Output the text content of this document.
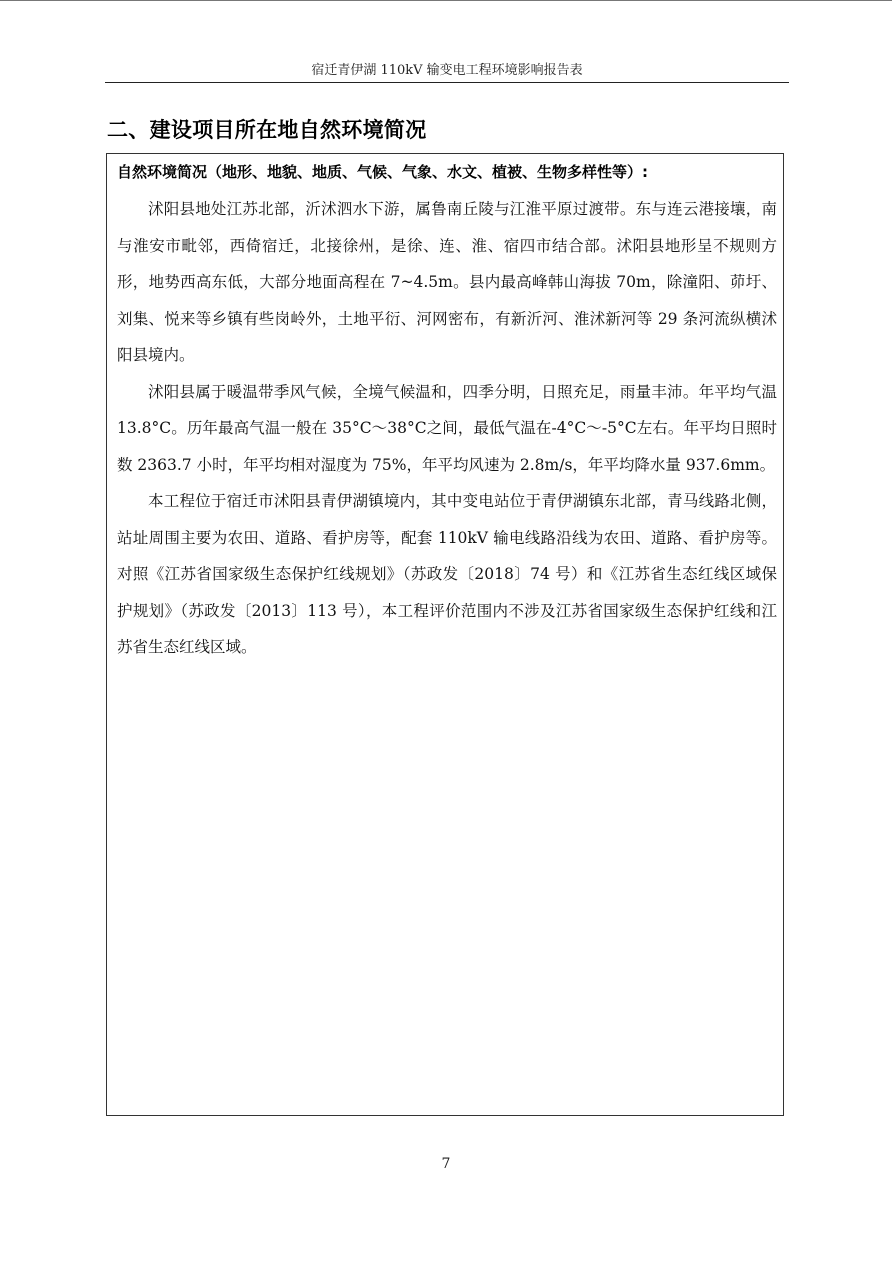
宿迁青伊湖 110kV 输变电工程环境影响报告表
二、建设项目所在地自然环境简况
自然环境简况（地形、地貌、地质、气候、气象、水文、植被、生物多样性等）:

沭阳县地处江苏北部，沂沭泗水下游，属鲁南丘陵与江淮平原过渡带。东与连云港接壤，南与淮安市毗邻，西倚宿迁，北接徐州，是徐、连、淮、宿四市结合部。沭阳县地形呈不规则方形，地势西高东低，大部分地面高程在 7~4.5m。县内最高峰韩山海拔 70m，除潼阳、茆圩、刘集、悦来等乡镇有些岗岭外，土地平衍、河网密布，有新沂河、淮沭新河等 29 条河流纵横沭阳县境内。

沭阳县属于暖温带季风气候，全境气候温和，四季分明，日照充足，雨量丰沛。年平均气温 13.8°C。历年最高气温一般在 35°C～38°C之间，最低气温在-4°C～-5°C左右。年平均日照时数 2363.7 小时，年平均相对湿度为 75%，年平均风速为 2.8m/s，年平均降水量 937.6mm。

本工程位于宿迁市沭阳县青伊湖镇境内，其中变电站位于青伊湖镇东北部，青马线路北侧，站址周围主要为农田、道路、看护房等，配套 110kV 输电线路沿线为农田、道路、看护房等。对照《江苏省国家级生态保护红线规划》（苏政发〔2018〕74 号）和《江苏省生态红线区域保护规划》（苏政发〔2013〕113 号），本工程评价范围内不涉及江苏省国家级生态保护红线和江苏省生态红线区域。

7
